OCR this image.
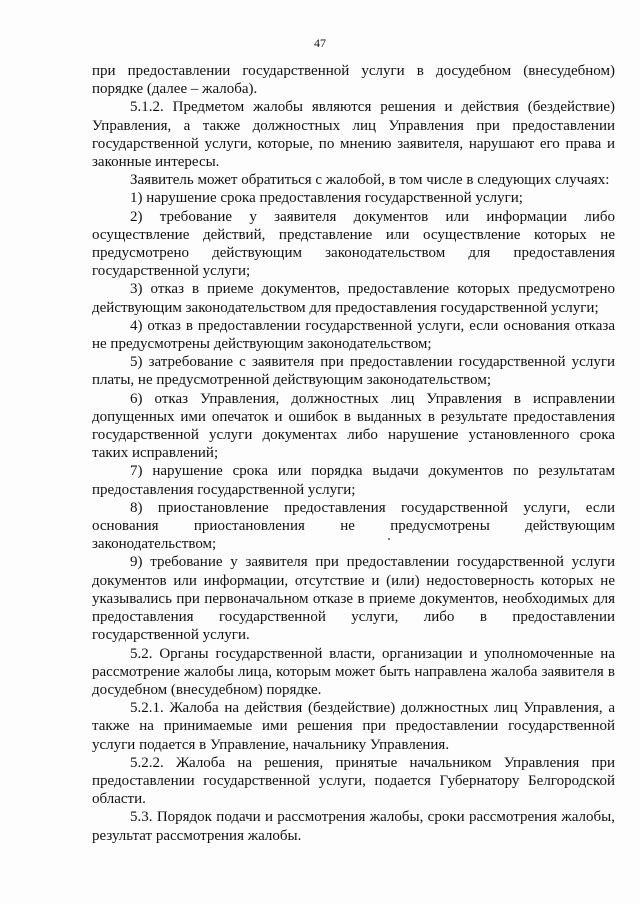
47

при предоставлении государственной услуги в досудебном (внесудебном) порядке (далее – жалоба).

5.1.2. Предметом жалобы являются решения и действия (бездействие) Управления, а также должностных лиц Управления при предоставлении государственной услуги, которые, по мнению заявителя, нарушают его права и законные интересы.

Заявитель может обратиться с жалобой, в том числе в следующих случаях:

1) нарушение срока предоставления государственной услуги;

2) требование у заявителя документов или информации либо осуществление действий, представление или осуществление которых не предусмотрено действующим законодательством для предоставления государственной услуги;

3) отказ в приеме документов, предоставление которых предусмотрено действующим законодательством для предоставления государственной услуги;

4) отказ в предоставлении государственной услуги, если основания отказа не предусмотрены действующим законодательством;

5) затребование с заявителя при предоставлении государственной услуги платы, не предусмотренной действующим законодательством;

6) отказ Управления, должностных лиц Управления в исправлении допущенных ими опечаток и ошибок в выданных в результате предоставления государственной услуги документах либо нарушение установленного срока таких исправлений;

7) нарушение срока или порядка выдачи документов по результатам предоставления государственной услуги;

8) приостановление предоставления государственной услуги, если основания приостановления не предусмотрены действующим законодательством;

9) требование у заявителя при предоставлении государственной услуги документов или информации, отсутствие и (или) недостоверность которых не указывались при первоначальном отказе в приеме документов, необходимых для предоставления государственной услуги, либо в предоставлении государственной услуги.

5.2. Органы государственной власти, организации и уполномоченные на рассмотрение жалобы лица, которым может быть направлена жалоба заявителя в досудебном (внесудебном) порядке.

5.2.1. Жалоба на действия (бездействие) должностных лиц Управления, а также на принимаемые ими решения при предоставлении государственной услуги подается в Управление, начальнику Управления.

5.2.2. Жалоба на решения, принятые начальником Управления при предоставлении государственной услуги, подается Губернатору Белгородской области.

5.3. Порядок подачи и рассмотрения жалобы, сроки рассмотрения жалобы, результат рассмотрения жалобы.
